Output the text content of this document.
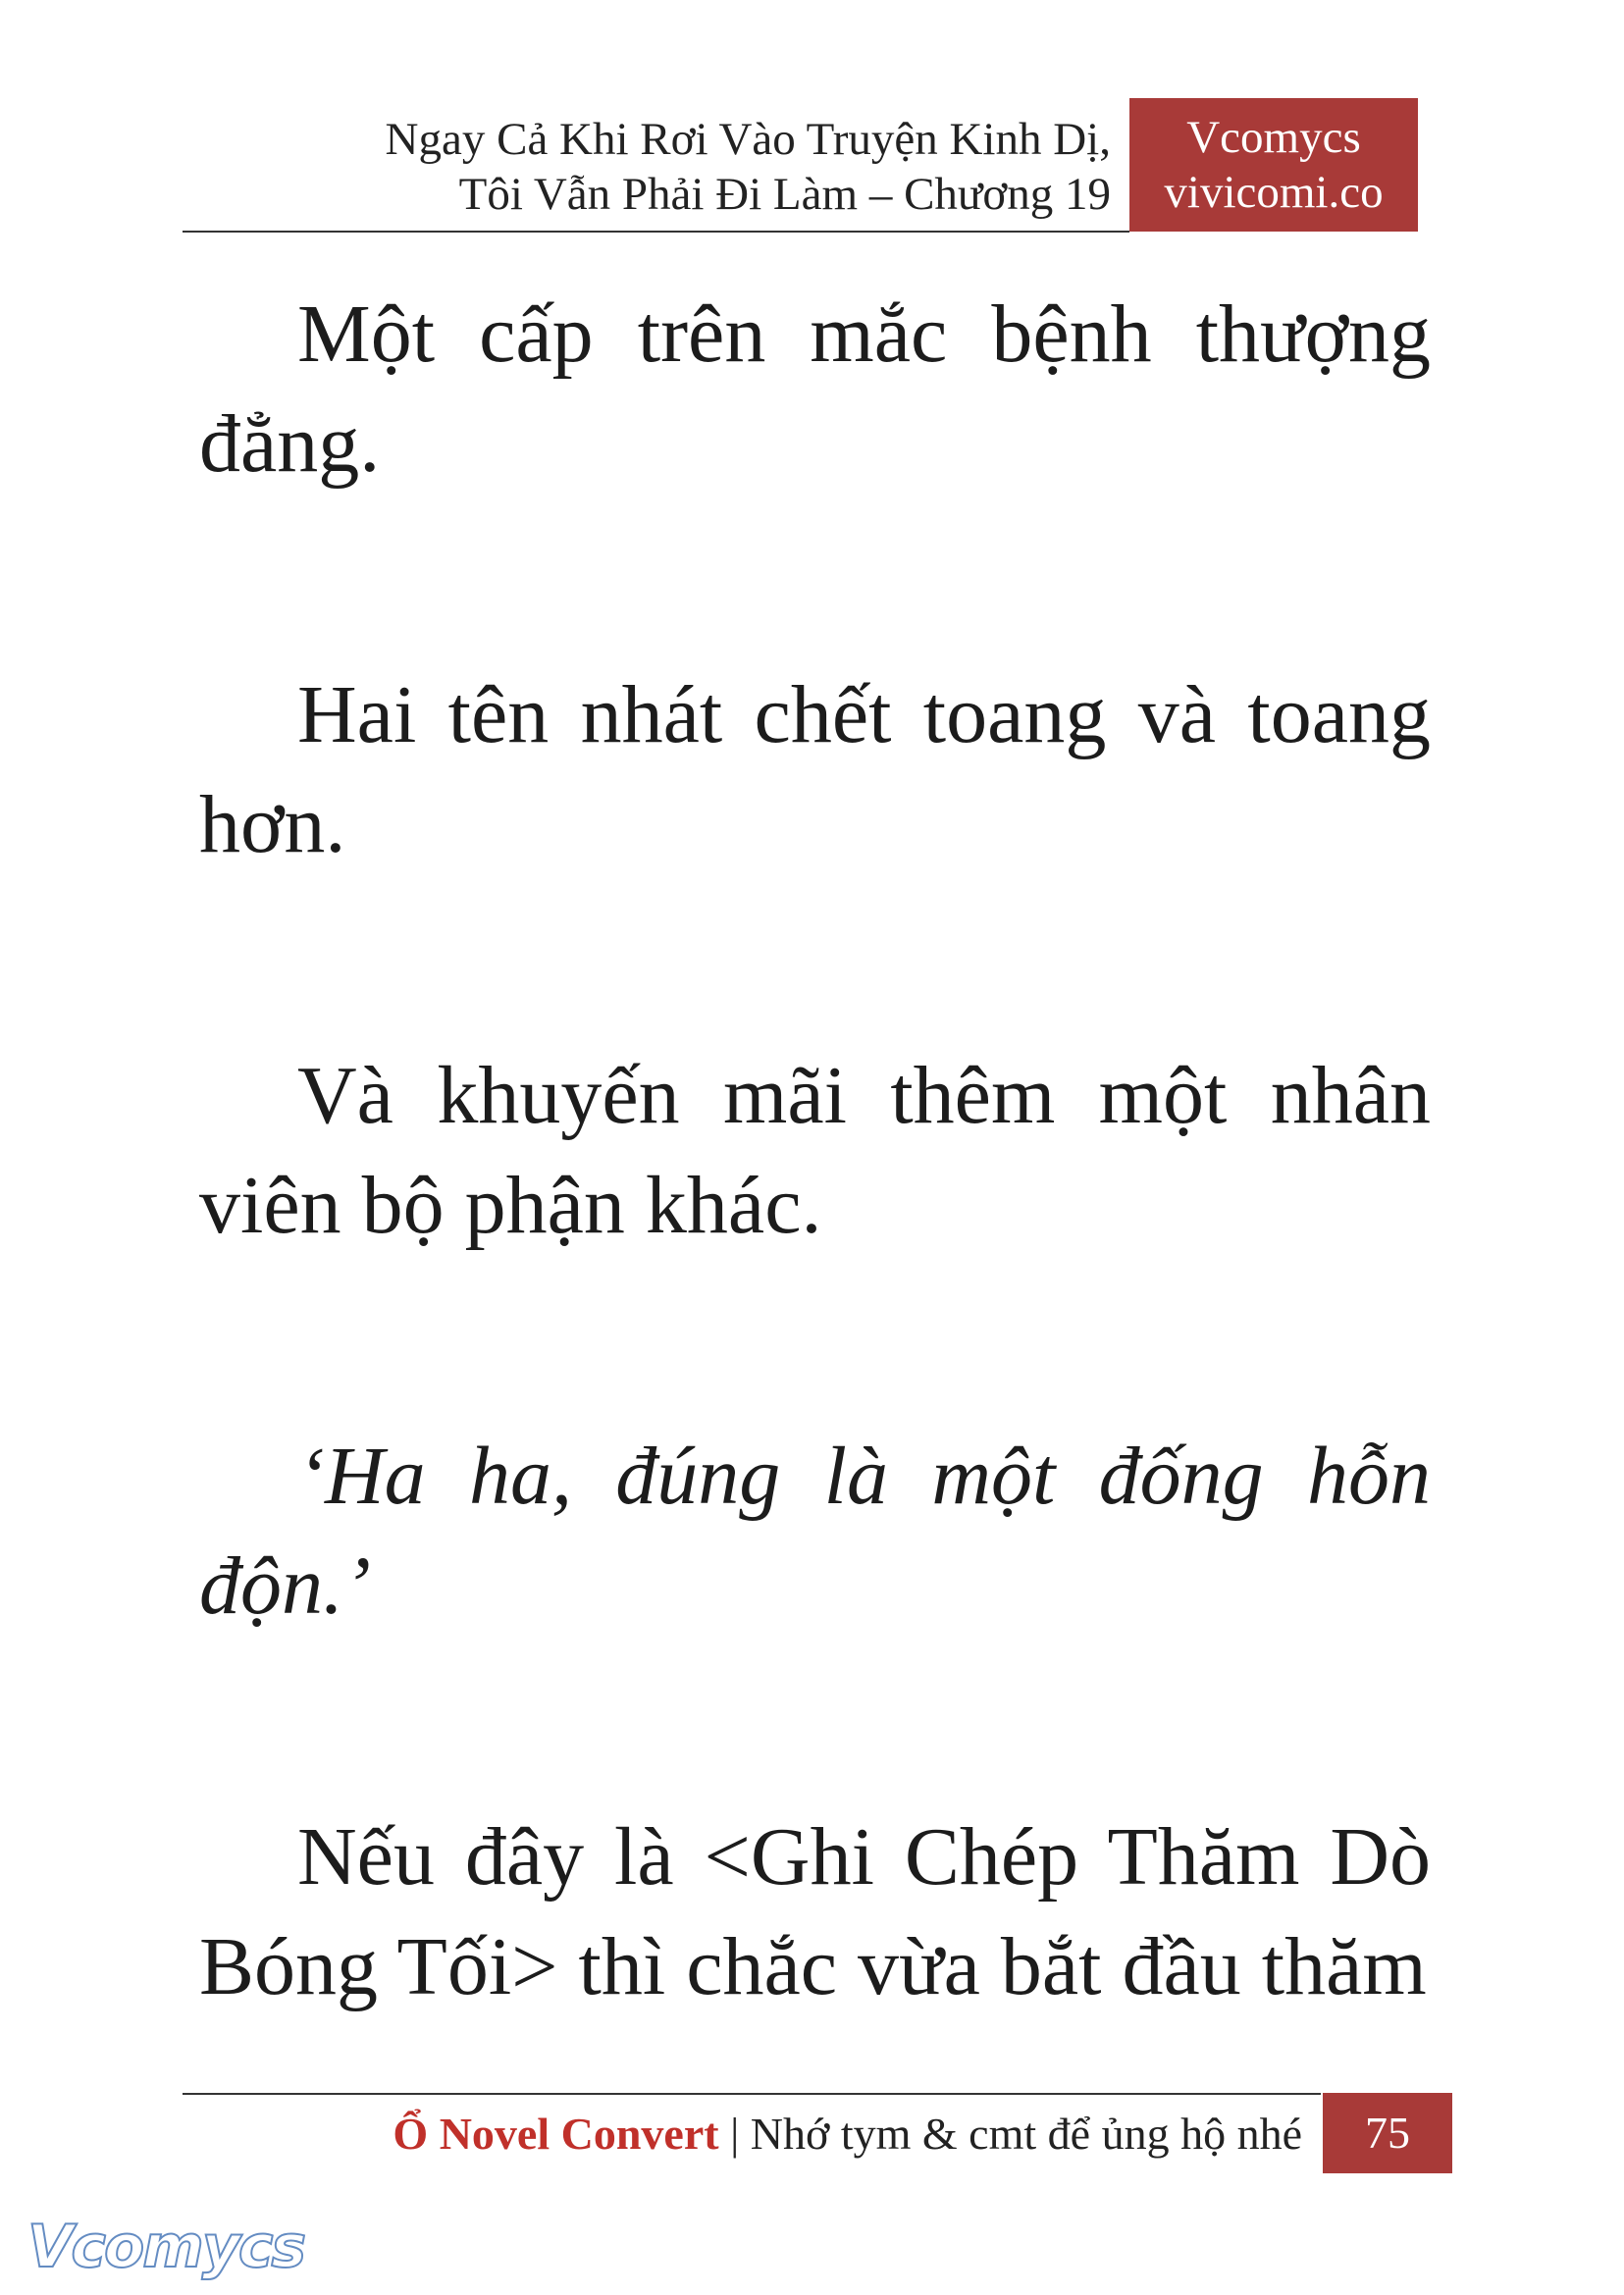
Ngay Cả Khi Rơi Vào Truyện Kinh Dị,
Tôi Vẫn Phải Đi Làm – Chương 19
Vcomycs
vivicomi.co

Một cấp trên mắc bệnh thượng đẳng.

Hai tên nhát chết toang và toang hơn.

Và khuyến mãi thêm một nhân viên bộ phận khác.

‘Ha ha, đúng là một đống hỗn độn.’

Nếu đây là <Ghi Chép Thăm Dò Bóng Tối> thì chắc vừa bắt đầu thăm

Ổ Novel Convert | Nhớ tym & cmt để ủng hộ nhé	75
Vcomycs
